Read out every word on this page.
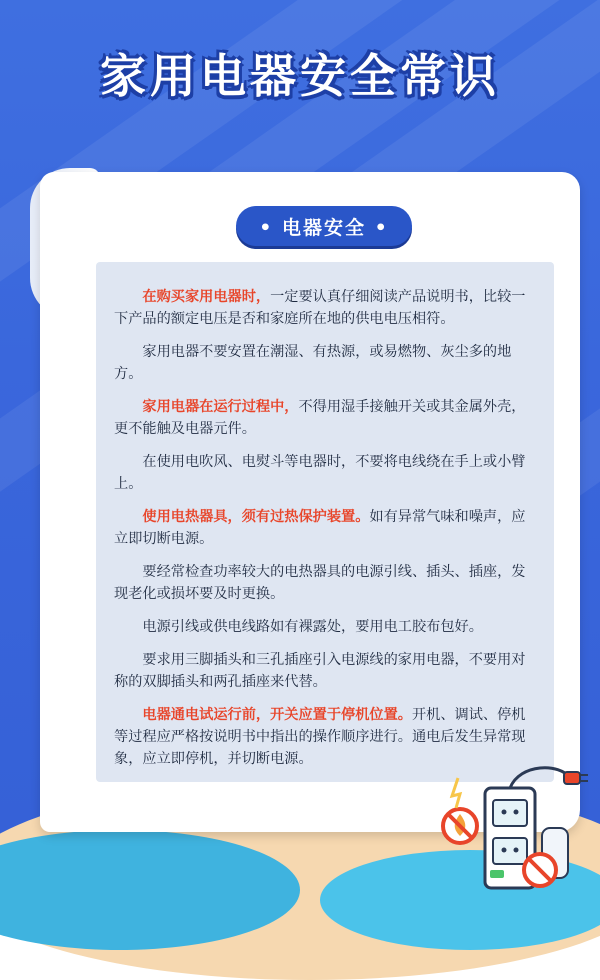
家用电器安全常识
• 电器安全 •

在购买家用电器时，一定要认真仔细阅读产品说明书，比较一下产品的额定电压是否和家庭所在地的供电电压相符。

家用电器不要安置在潮湿、有热源，或易燃物、灰尘多的地方。

家用电器在运行过程中，不得用湿手接触开关或其金属外壳，更不能触及电器元件。

在使用电吹风、电熨斗等电器时，不要将电线绕在手上或小臂上。

使用电热器具，须有过热保护装置。如有异常气味和噪声，应立即切断电源。

要经常检查功率较大的电热器具的电源引线、插头、插座，发现老化或损坏要及时更换。

电源引线或供电线路如有裸露处，要用电工胶布包好。

要求用三脚插头和三孔插座引入电源线的家用电器，不要用对称的双脚插头和两孔插座来代替。

电器通电试运行前，开关应置于停机位置。开机、调试、停机等过程应严格按说明书中指出的操作顺序进行。通电后发生异常现象，应立即停机，并切断电源。
